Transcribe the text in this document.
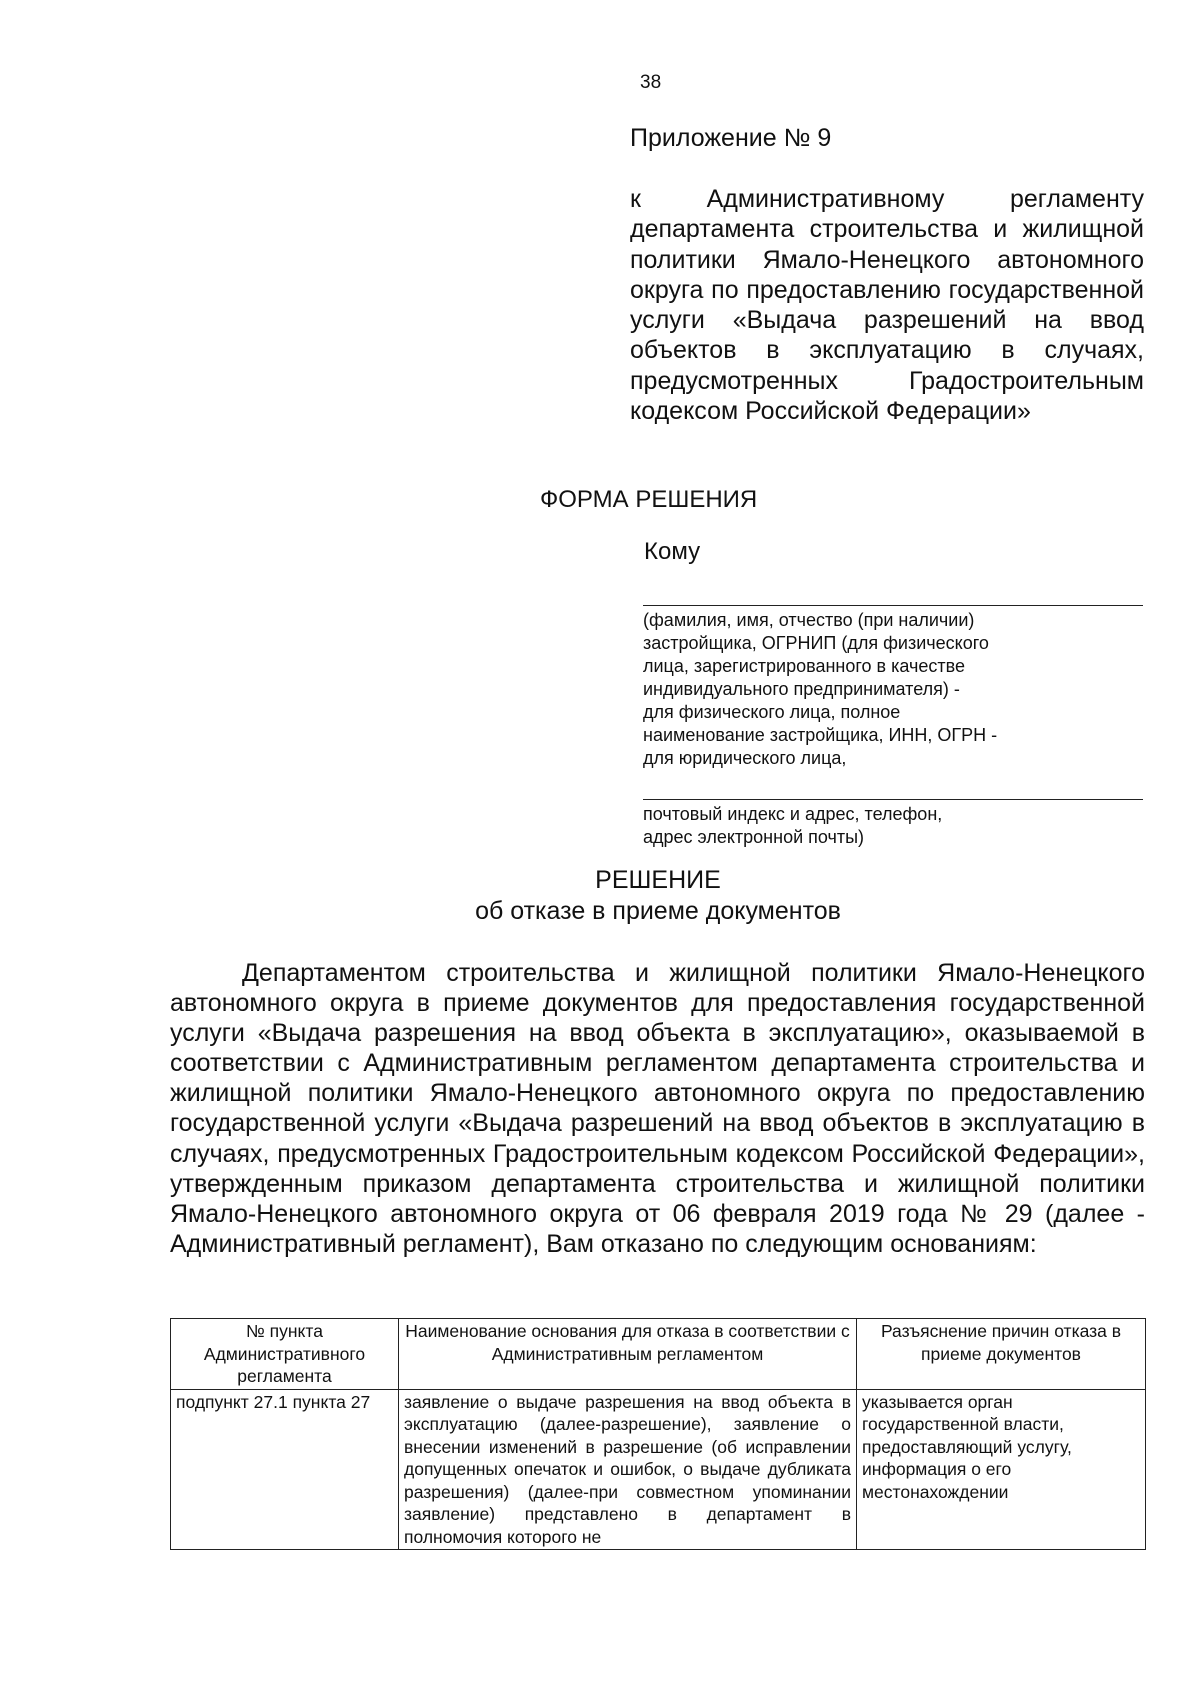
38
Приложение № 9
к Административному регламенту департамента строительства и жилищной политики Ямало-Ненецкого автономного округа по предоставлению государственной услуги «Выдача разрешений на ввод объектов в эксплуатацию в случаях, предусмотренных Градостроительным кодексом Российской Федерации»
ФОРМА РЕШЕНИЯ
Кому
(фамилия, имя, отчество (при наличии)
застройщика, ОГРНИП (для физического
лица, зарегистрированного в качестве
индивидуального предпринимателя) -
для физического лица, полное
наименование застройщика, ИНН, ОГРН -
для юридического лица,
почтовый индекс и адрес, телефон,
адрес электронной почты)
РЕШЕНИЕ
об отказе в приеме документов
Департаментом строительства и жилищной политики Ямало-Ненецкого автономного округа в приеме документов для предоставления государственной услуги «Выдача разрешения на ввод объекта в эксплуатацию», оказываемой в соответствии с Административным регламентом департамента строительства и жилищной политики Ямало-Ненецкого автономного округа по предоставлению государственной услуги «Выдача разрешений на ввод объектов в эксплуатацию в случаях, предусмотренных Градостроительным кодексом Российской Федерации», утвержденным приказом департамента строительства и жилищной политики Ямало-Ненецкого автономного округа от 06 февраля 2019 года № 29 (далее - Административный регламент), Вам отказано по следующим основаниям:
№ пункта Административного регламента	Наименование основания для отказа в соответствии с Административным регламентом	Разъяснение причин отказа в приеме документов
подпункт 27.1 пункта 27	заявление о выдаче разрешения на ввод объекта в эксплуатацию (далее-разрешение), заявление о внесении изменений в разрешение (об исправлении допущенных опечаток и ошибок, о выдаче дубликата разрешения) (далее-при совместном упоминании заявление) представлено в департамент в полномочия которого не	указывается орган государственной власти, предоставляющий услугу, информация о его местонахождении
